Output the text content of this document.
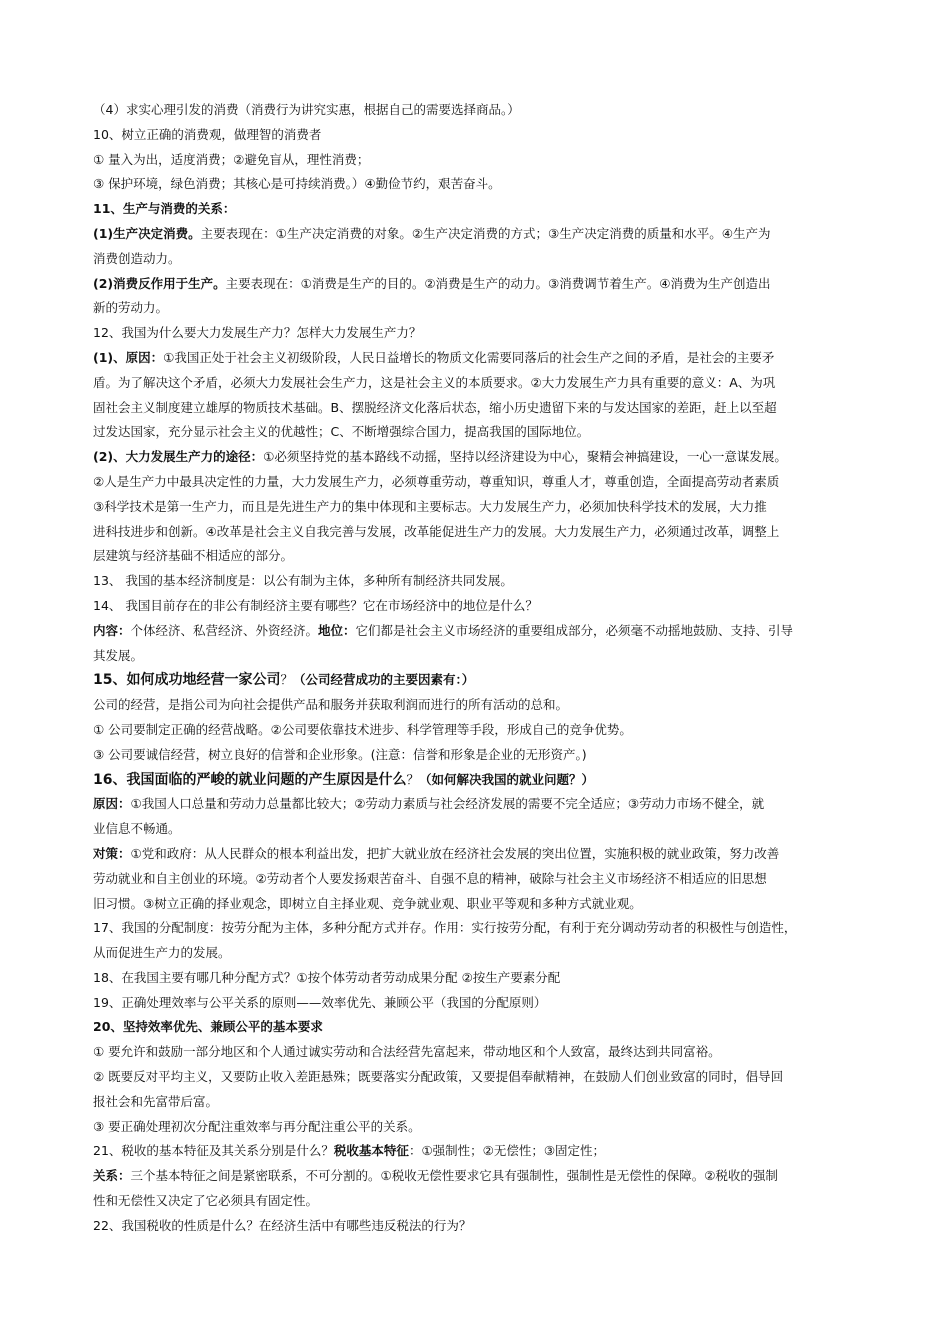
（4）求实心理引发的消费（消费行为讲究实惠，根据自己的需要选择商品。）
10、树立正确的消费观，做理智的消费者
① 量入为出，适度消费；②避免盲从，理性消费；
③ 保护环境，绿色消费；其核心是可持续消费。）④勤俭节约，艰苦奋斗。
11、生产与消费的关系：
(1)生产决定消费。主要表现在：①生产决定消费的对象。②生产决定消费的方式；③生产决定消费的质量和水平。④生产为
消费创造动力。
(2)消费反作用于生产。主要表现在：①消费是生产的目的。②消费是生产的动力。③消费调节着生产。④消费为生产创造出
新的劳动力。
12、我国为什么要大力发展生产力？怎样大力发展生产力？
(1)、原因：①我国正处于社会主义初级阶段，人民日益增长的物质文化需要同落后的社会生产之间的矛盾，是社会的主要矛
盾。为了解决这个矛盾，必须大力发展社会生产力，这是社会主义的本质要求。②大力发展生产力具有重要的意义：A、为巩
固社会主义制度建立雄厚的物质技术基础。B、摆脱经济文化落后状态，缩小历史遗留下来的与发达国家的差距，赶上以至超
过发达国家，充分显示社会主义的优越性；C、不断增强综合国力，提高我国的国际地位。
(2)、大力发展生产力的途径：①必须坚持党的基本路线不动摇，坚持以经济建设为中心，聚精会神搞建设，一心一意谋发展。
②人是生产力中最具决定性的力量，大力发展生产力，必须尊重劳动，尊重知识，尊重人才，尊重创造，全面提高劳动者素质
③科学技术是第一生产力，而且是先进生产力的集中体现和主要标志。大力发展生产力，必须加快科学技术的发展，大力推
进科技进步和创新。④改革是社会主义自我完善与发展，改革能促进生产力的发展。大力发展生产力，必须通过改革，调整上
层建筑与经济基础不相适应的部分。
13、 我国的基本经济制度是：以公有制为主体，多种所有制经济共同发展。
14、 我国目前存在的非公有制经济主要有哪些？它在市场经济中的地位是什么？
内容：个体经济、私营经济、外资经济。地位：它们都是社会主义市场经济的重要组成部分，必须毫不动摇地鼓励、支持、引导
其发展。
15、如何成功地经营一家公司？（公司经营成功的主要因素有：）
公司的经营，是指公司为向社会提供产品和服务并获取利润而进行的所有活动的总和。
① 公司要制定正确的经营战略。②公司要依靠技术进步、科学管理等手段，形成自己的竞争优势。
③ 公司要诚信经营，树立良好的信誉和企业形象。(注意：信誉和形象是企业的无形资产。)
16、我国面临的严峻的就业问题的产生原因是什么？（如何解决我国的就业问题？）
原因：①我国人口总量和劳动力总量都比较大；②劳动力素质与社会经济发展的需要不完全适应；③劳动力市场不健全，就
业信息不畅通。
对策：①党和政府：从人民群众的根本利益出发，把扩大就业放在经济社会发展的突出位置，实施积极的就业政策，努力改善
劳动就业和自主创业的环境。②劳动者个人要发扬艰苦奋斗、自强不息的精神，破除与社会主义市场经济不相适应的旧思想
旧习惯。③树立正确的择业观念，即树立自主择业观、竞争就业观、职业平等观和多种方式就业观。
17、我国的分配制度：按劳分配为主体，多种分配方式并存。作用：实行按劳分配，有利于充分调动劳动者的积极性与创造性，
从而促进生产力的发展。
18、在我国主要有哪几种分配方式？①按个体劳动者劳动成果分配 ②按生产要素分配
19、正确处理效率与公平关系的原则——效率优先、兼顾公平（我国的分配原则）
20、坚持效率优先、兼顾公平的基本要求
① 要允许和鼓励一部分地区和个人通过诚实劳动和合法经营先富起来，带动地区和个人致富，最终达到共同富裕。
② 既要反对平均主义，又要防止收入差距悬殊；既要落实分配政策，又要提倡奉献精神，在鼓励人们创业致富的同时，倡导回
报社会和先富带后富。
③ 要正确处理初次分配注重效率与再分配注重公平的关系。
21、税收的基本特征及其关系分别是什么？税收基本特征：①强制性；②无偿性；③固定性；
关系：三个基本特征之间是紧密联系，不可分割的。①税收无偿性要求它具有强制性，强制性是无偿性的保障。②税收的强制
性和无偿性又决定了它必须具有固定性。
22、我国税收的性质是什么？在经济生活中有哪些违反税法的行为？
